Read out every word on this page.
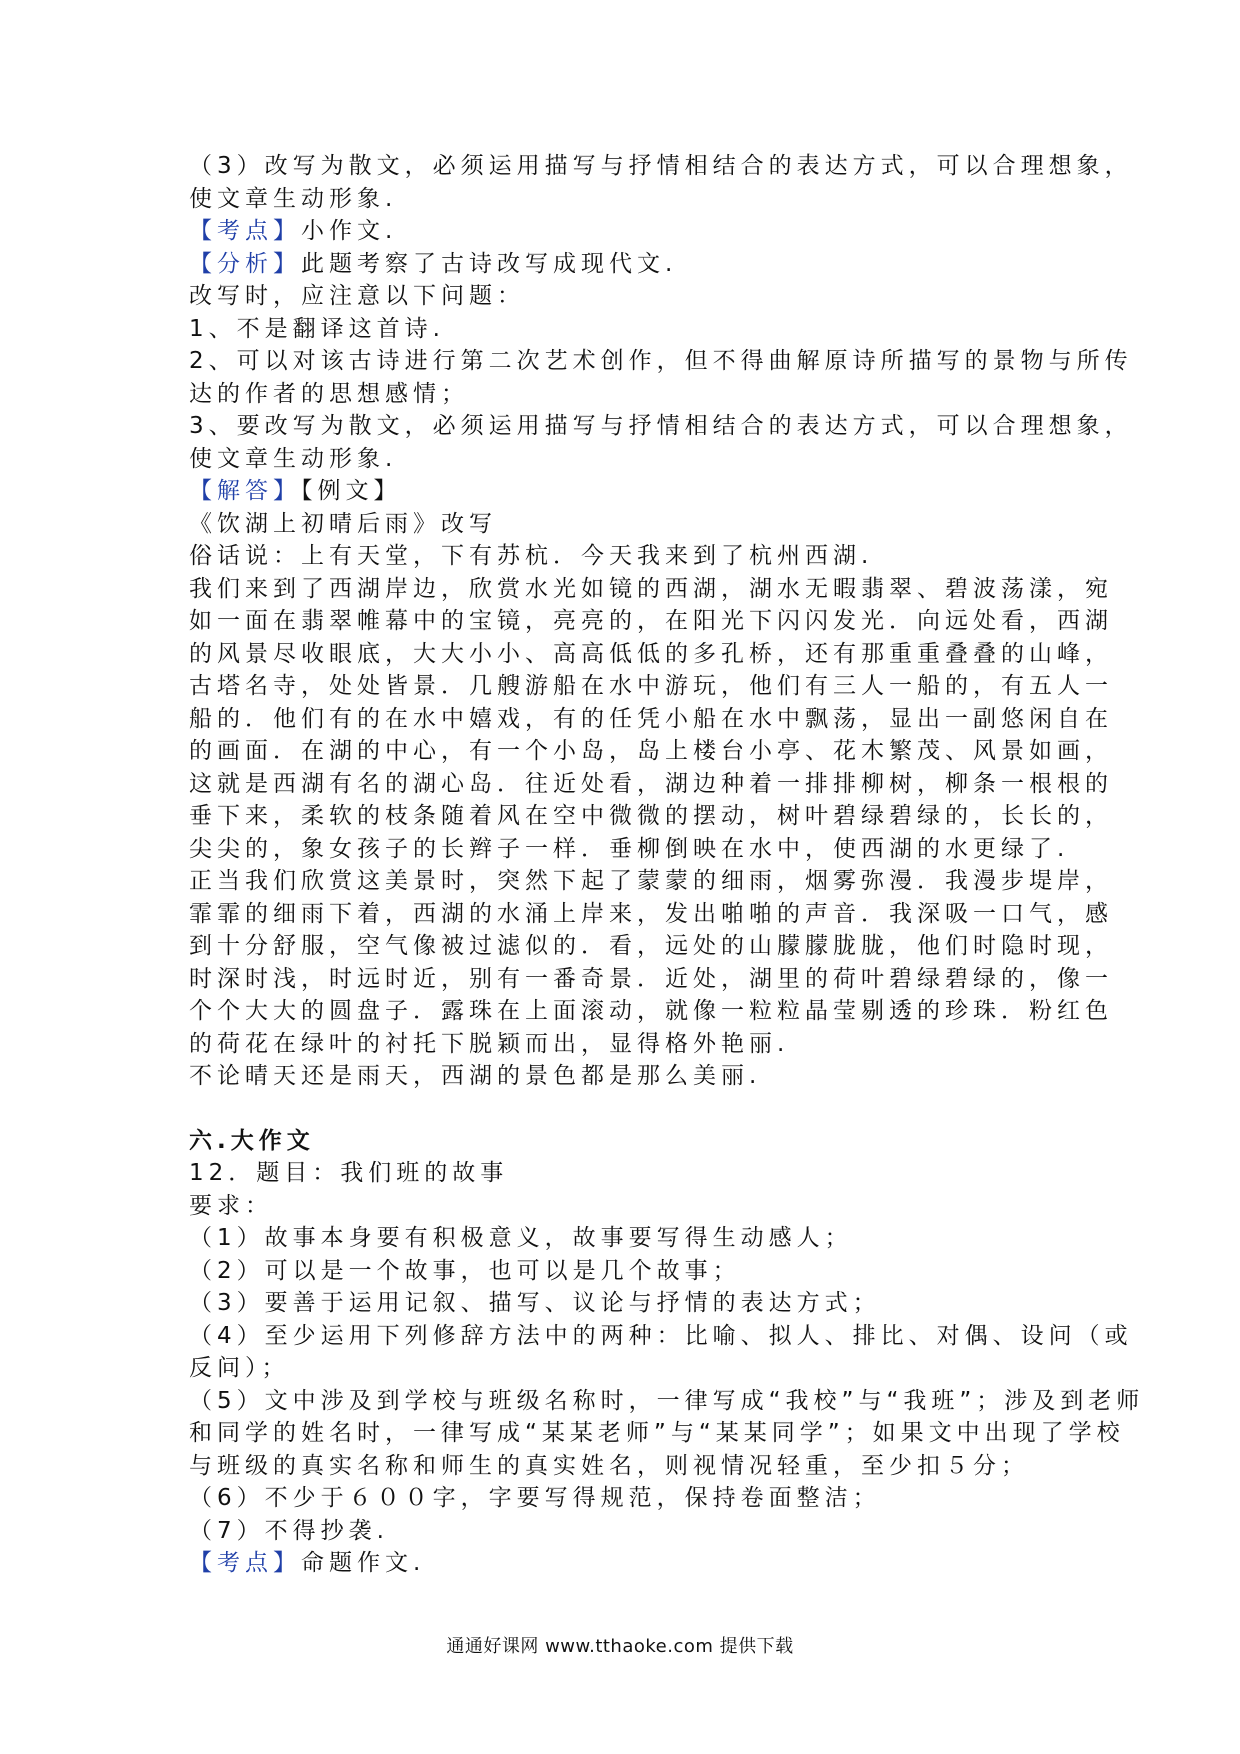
（3）改写为散文，必须运用描写与抒情相结合的表达方式，可以合理想象，
使文章生动形象.
【考点】小作文.
【分析】此题考察了古诗改写成现代文.
改写时，应注意以下问题：
1、不是翻译这首诗.
2、可以对该古诗进行第二次艺术创作，但不得曲解原诗所描写的景物与所传
达的作者的思想感情；
3、要改写为散文，必须运用描写与抒情相结合的表达方式，可以合理想象，
使文章生动形象.
【解答】【例文】
《饮湖上初晴后雨》改写
俗话说：上有天堂，下有苏杭．今天我来到了杭州西湖.
我们来到了西湖岸边，欣赏水光如镜的西湖，湖水无暇翡翠、碧波荡漾，宛
如一面在翡翠帷幕中的宝镜，亮亮的，在阳光下闪闪发光．向远处看，西湖
的风景尽收眼底，大大小小、高高低低的多孔桥，还有那重重叠叠的山峰，
古塔名寺，处处皆景．几艘游船在水中游玩，他们有三人一船的，有五人一
船的．他们有的在水中嬉戏，有的任凭小船在水中飘荡，显出一副悠闲自在
的画面．在湖的中心，有一个小岛，岛上楼台小亭、花木繁茂、风景如画，
这就是西湖有名的湖心岛．往近处看，湖边种着一排排柳树，柳条一根根的
垂下来，柔软的枝条随着风在空中微微的摆动，树叶碧绿碧绿的，长长的，
尖尖的，象女孩子的长辫子一样．垂柳倒映在水中，使西湖的水更绿了.
正当我们欣赏这美景时，突然下起了蒙蒙的细雨，烟雾弥漫．我漫步堤岸，
霏霏的细雨下着，西湖的水涌上岸来，发出啪啪的声音．我深吸一口气，感
到十分舒服，空气像被过滤似的．看，远处的山朦朦胧胧，他们时隐时现，
时深时浅，时远时近，别有一番奇景．近处，湖里的荷叶碧绿碧绿的，像一
个个大大的圆盘子．露珠在上面滚动，就像一粒粒晶莹剔透的珍珠．粉红色
的荷花在绿叶的衬托下脱颖而出，显得格外艳丽.
不论晴天还是雨天，西湖的景色都是那么美丽.
六.大作文
12．题目：我们班的故事
要求：
（1）故事本身要有积极意义，故事要写得生动感人；
（2）可以是一个故事，也可以是几个故事；
（3）要善于运用记叙、描写、议论与抒情的表达方式；
（4）至少运用下列修辞方法中的两种：比喻、拟人、排比、对偶、设问（或
反问）；
（5）文中涉及到学校与班级名称时，一律写成“我校”与“我班”；涉及到老师
和同学的姓名时，一律写成“某某老师”与“某某同学”；如果文中出现了学校
与班级的真实名称和师生的真实姓名，则视情况轻重，至少扣５分；
（6）不少于６００字，字要写得规范，保持卷面整洁；
（7）不得抄袭.
【考点】命题作文.
通通好课网 www.tthaoke.com 提供下载
